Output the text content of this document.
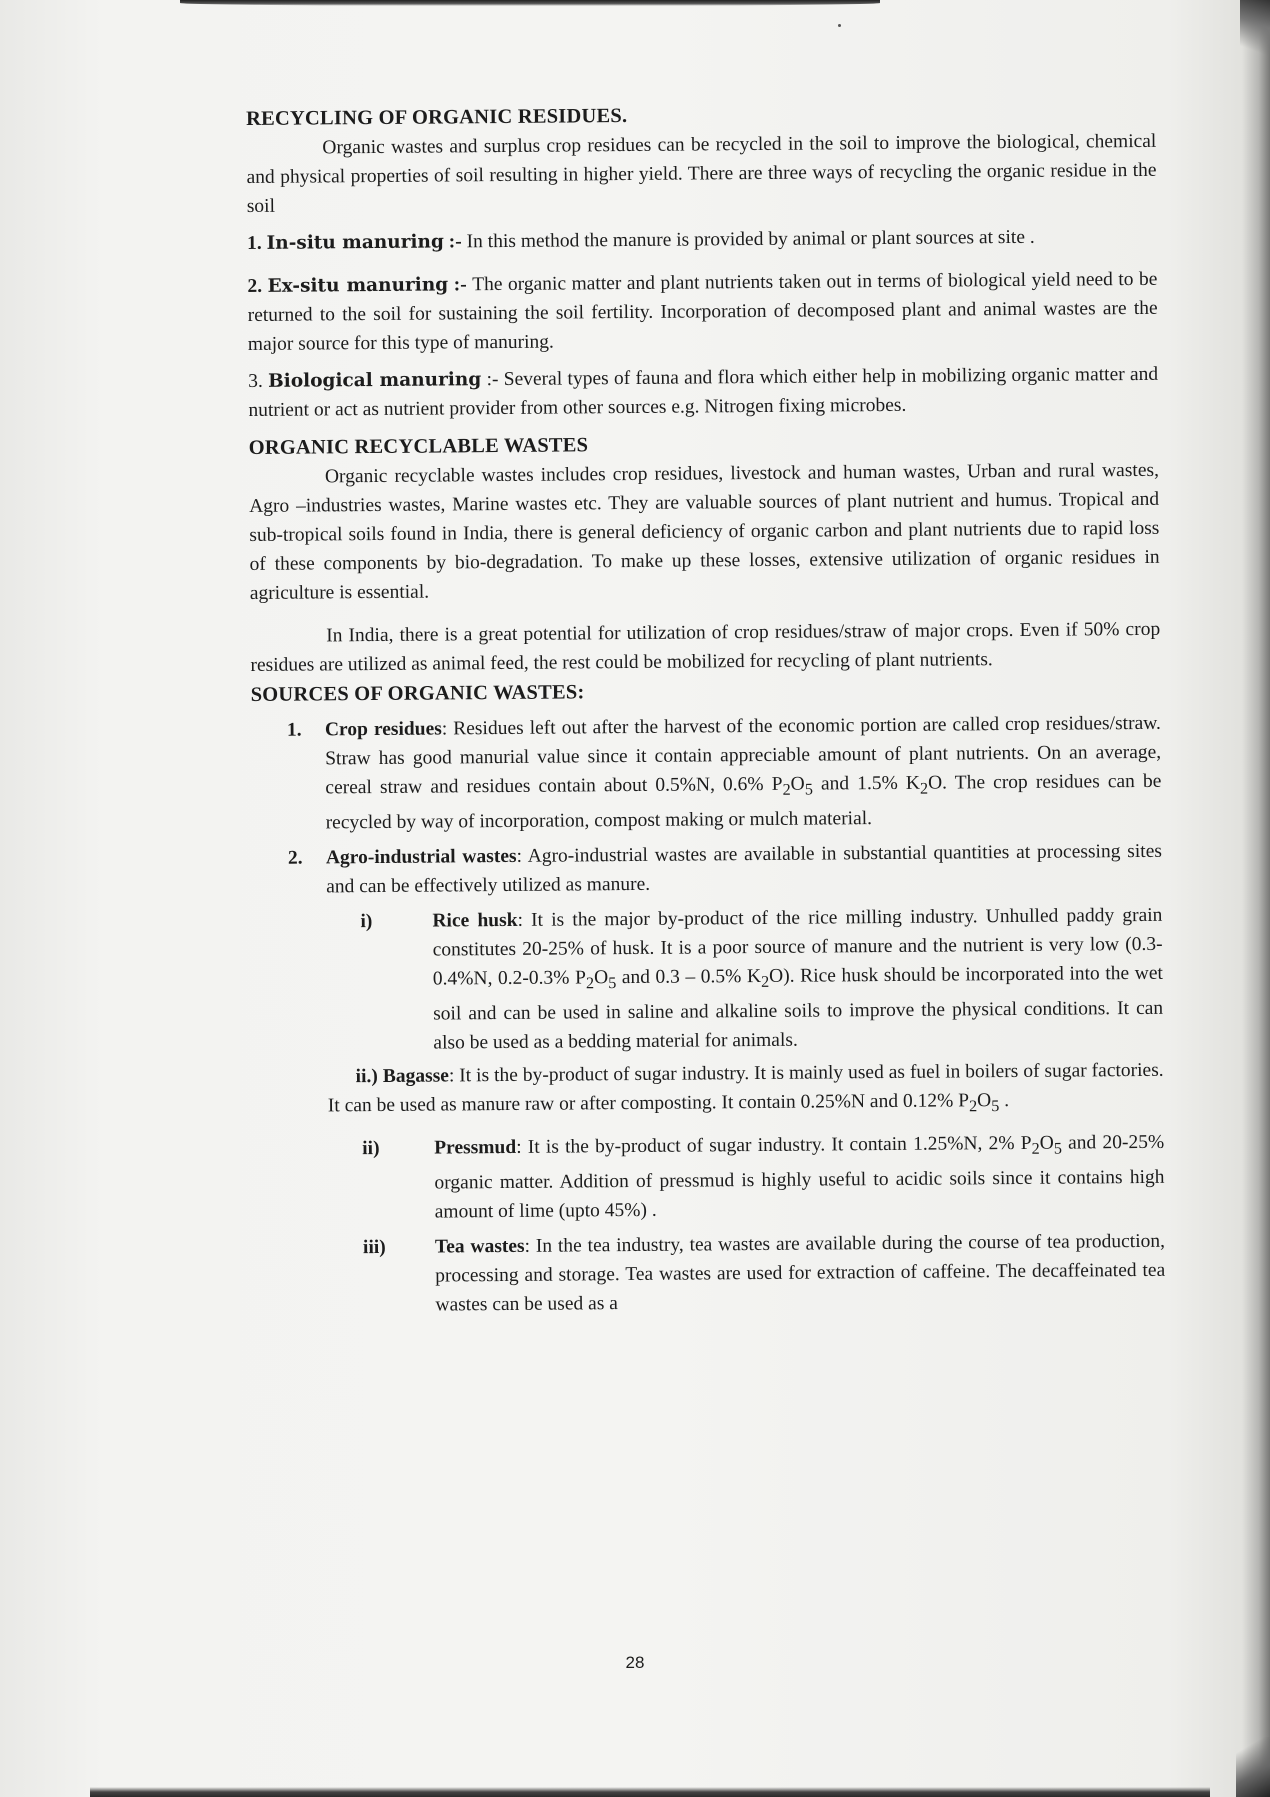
RECYCLING OF ORGANIC RESIDUES.

Organic wastes and surplus crop residues can be recycled in the soil to improve the biological, chemical and physical properties of soil resulting in higher yield. There are three ways of recycling the organic residue in the soil

1. In-situ manuring :- In this method the manure is provided by animal or plant sources at site .

2. Ex-situ manuring :- The organic matter and plant nutrients taken out in terms of biological yield need to be returned to the soil for sustaining the soil fertility. Incorporation of decomposed plant and animal wastes are the major source for this type of manuring.

3. Biological manuring :- Several types of fauna and flora which either help in mobilizing organic matter and nutrient or act as nutrient provider from other sources e.g. Nitrogen fixing microbes.

ORGANIC RECYCLABLE WASTES

Organic recyclable wastes includes crop residues, livestock and human wastes, Urban and rural wastes, Agro –industries wastes, Marine wastes etc. They are valuable sources of plant nutrient and humus. Tropical and sub-tropical soils found in India, there is general deficiency of organic carbon and plant nutrients due to rapid loss of these components by bio-degradation. To make up these losses, extensive utilization of organic residues in agriculture is essential.

In India, there is a great potential for utilization of crop residues/straw of major crops. Even if 50% crop residues are utilized as animal feed, the rest could be mobilized for recycling of plant nutrients.

SOURCES OF ORGANIC WASTES:
1.	Crop residues: Residues left out after the harvest of the economic portion are called crop residues/straw. Straw has good manurial value since it contain appreciable amount of plant nutrients. On an average, cereal straw and residues contain about 0.5%N, 0.6% $P_2O_5$ and 1.5% $K_2O$. The crop residues can be recycled by way of incorporation, compost making or mulch material.
2.	Agro-industrial wastes: Agro-industrial wastes are available in substantial quantities at processing sites and can be effectively utilized as manure.
i)	Rice husk: It is the major by-product of the rice milling industry. Unhulled paddy grain constitutes 20-25% of husk. It is a poor source of manure and the nutrient is very low (0.3-0.4%N, 0.2-0.3% $P_2O_5$ and 0.3 – 0.5% $K_2O$). Rice husk should be incorporated into the wet soil and can be used in saline and alkaline soils to improve the physical conditions. It can also be used as a bedding material for animals.

ii.) Bagasse: It is the by-product of sugar industry. It is mainly used as fuel in boilers of sugar factories. It can be used as manure raw or after composting. It contain 0.25%N and 0.12% $P_2O_5$ .

ii)	Pressmud: It is the by-product of sugar industry. It contain 1.25%N, 2% $P_2O_5$ and 20-25% organic matter. Addition of pressmud is highly useful to acidic soils since it contains high amount of lime (upto 45%) .
iii)	Tea wastes: In the tea industry, tea wastes are available during the course of tea production, processing and storage. Tea wastes are used for extraction of caffeine. The decaffeinated tea wastes can be used as a
28
